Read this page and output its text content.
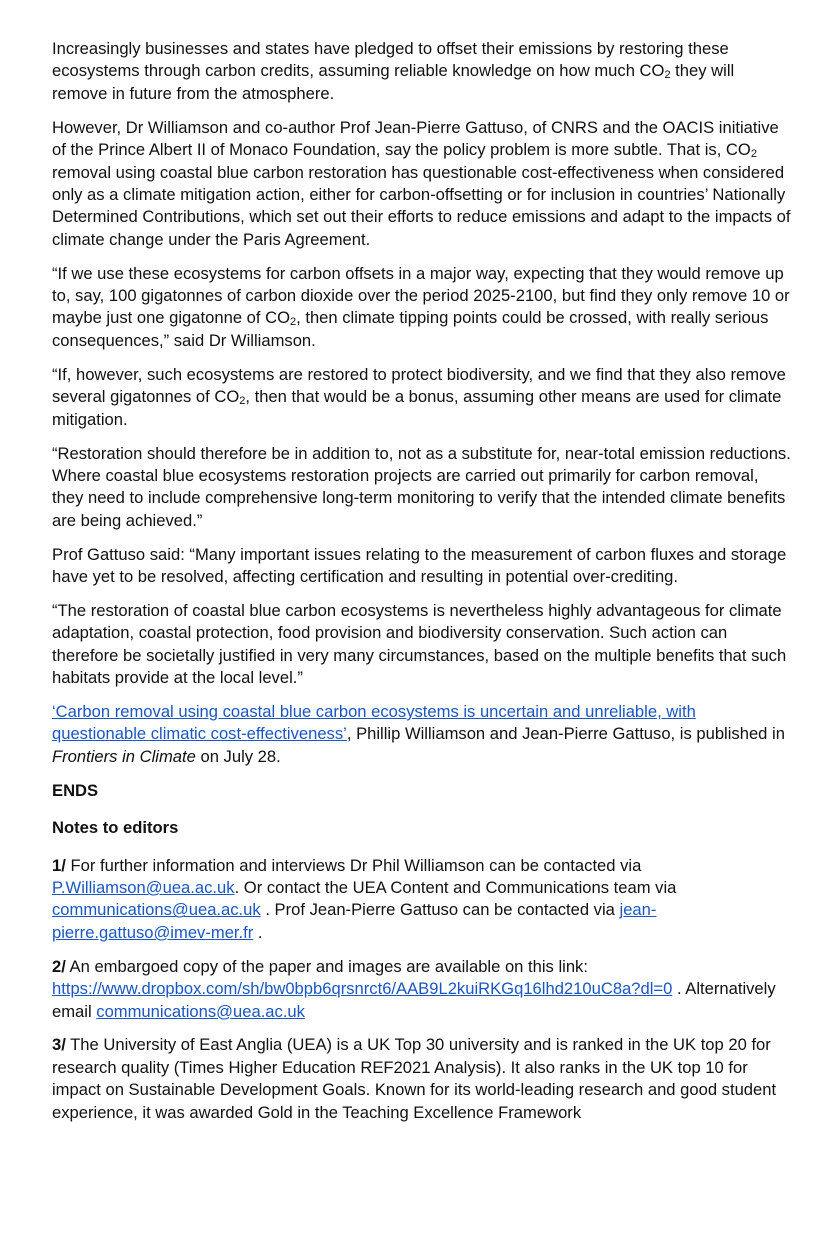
Increasingly businesses and states have pledged to offset their emissions by restoring these ecosystems through carbon credits, assuming reliable knowledge on how much $CO_2$ they will remove in future from the atmosphere.

However, Dr Williamson and co-author Prof Jean-Pierre Gattuso, of CNRS and the OACIS initiative of the Prince Albert II of Monaco Foundation, say the policy problem is more subtle. That is, $CO_2$ removal using coastal blue carbon restoration has questionable cost-effectiveness when considered only as a climate mitigation action, either for carbon-offsetting or for inclusion in countries’ Nationally Determined Contributions, which set out their efforts to reduce emissions and adapt to the impacts of climate change under the Paris Agreement.

“If we use these ecosystems for carbon offsets in a major way, expecting that they would remove up to, say, 100 gigatonnes of carbon dioxide over the period 2025-2100, but find they only remove 10 or maybe just one gigatonne of $CO_2$, then climate tipping points could be crossed, with really serious consequences,” said Dr Williamson.

“If, however, such ecosystems are restored to protect biodiversity, and we find that they also remove several gigatonnes of $CO_2$, then that would be a bonus, assuming other means are used for climate mitigation.

“Restoration should therefore be in addition to, not as a substitute for, near-total emission reductions. Where coastal blue ecosystems restoration projects are carried out primarily for carbon removal, they need to include comprehensive long-term monitoring to verify that the intended climate benefits are being achieved.”

Prof Gattuso said: “Many important issues relating to the measurement of carbon fluxes and storage have yet to be resolved, affecting certification and resulting in potential over-crediting.

“The restoration of coastal blue carbon ecosystems is nevertheless highly advantageous for climate adaptation, coastal protection, food provision and biodiversity conservation. Such action can therefore be societally justified in very many circumstances, based on the multiple benefits that such habitats provide at the local level.”

‘Carbon removal using coastal blue carbon ecosystems is uncertain and unreliable, with questionable climatic cost-effectiveness’, Phillip Williamson and Jean-Pierre Gattuso, is published in Frontiers in Climate on July 28.

ENDS

Notes to editors

1/ For further information and interviews Dr Phil Williamson can be contacted via P.Williamson@uea.ac.uk. Or contact the UEA Content and Communications team via communications@uea.ac.uk . Prof Jean-Pierre Gattuso can be contacted via jean-pierre.gattuso@imev-mer.fr .

2/ An embargoed copy of the paper and images are available on this link: https://www.dropbox.com/sh/bw0bpb6qrsnrct6/AAB9L2kuiRKGq16lhd210uC8a?dl=0 . Alternatively email communications@uea.ac.uk

3/ The University of East Anglia (UEA) is a UK Top 30 university and is ranked in the UK top 20 for research quality (Times Higher Education REF2021 Analysis). It also ranks in the UK top 10 for impact on Sustainable Development Goals. Known for its world-leading research and good student experience, it was awarded Gold in the Teaching Excellence Framework
